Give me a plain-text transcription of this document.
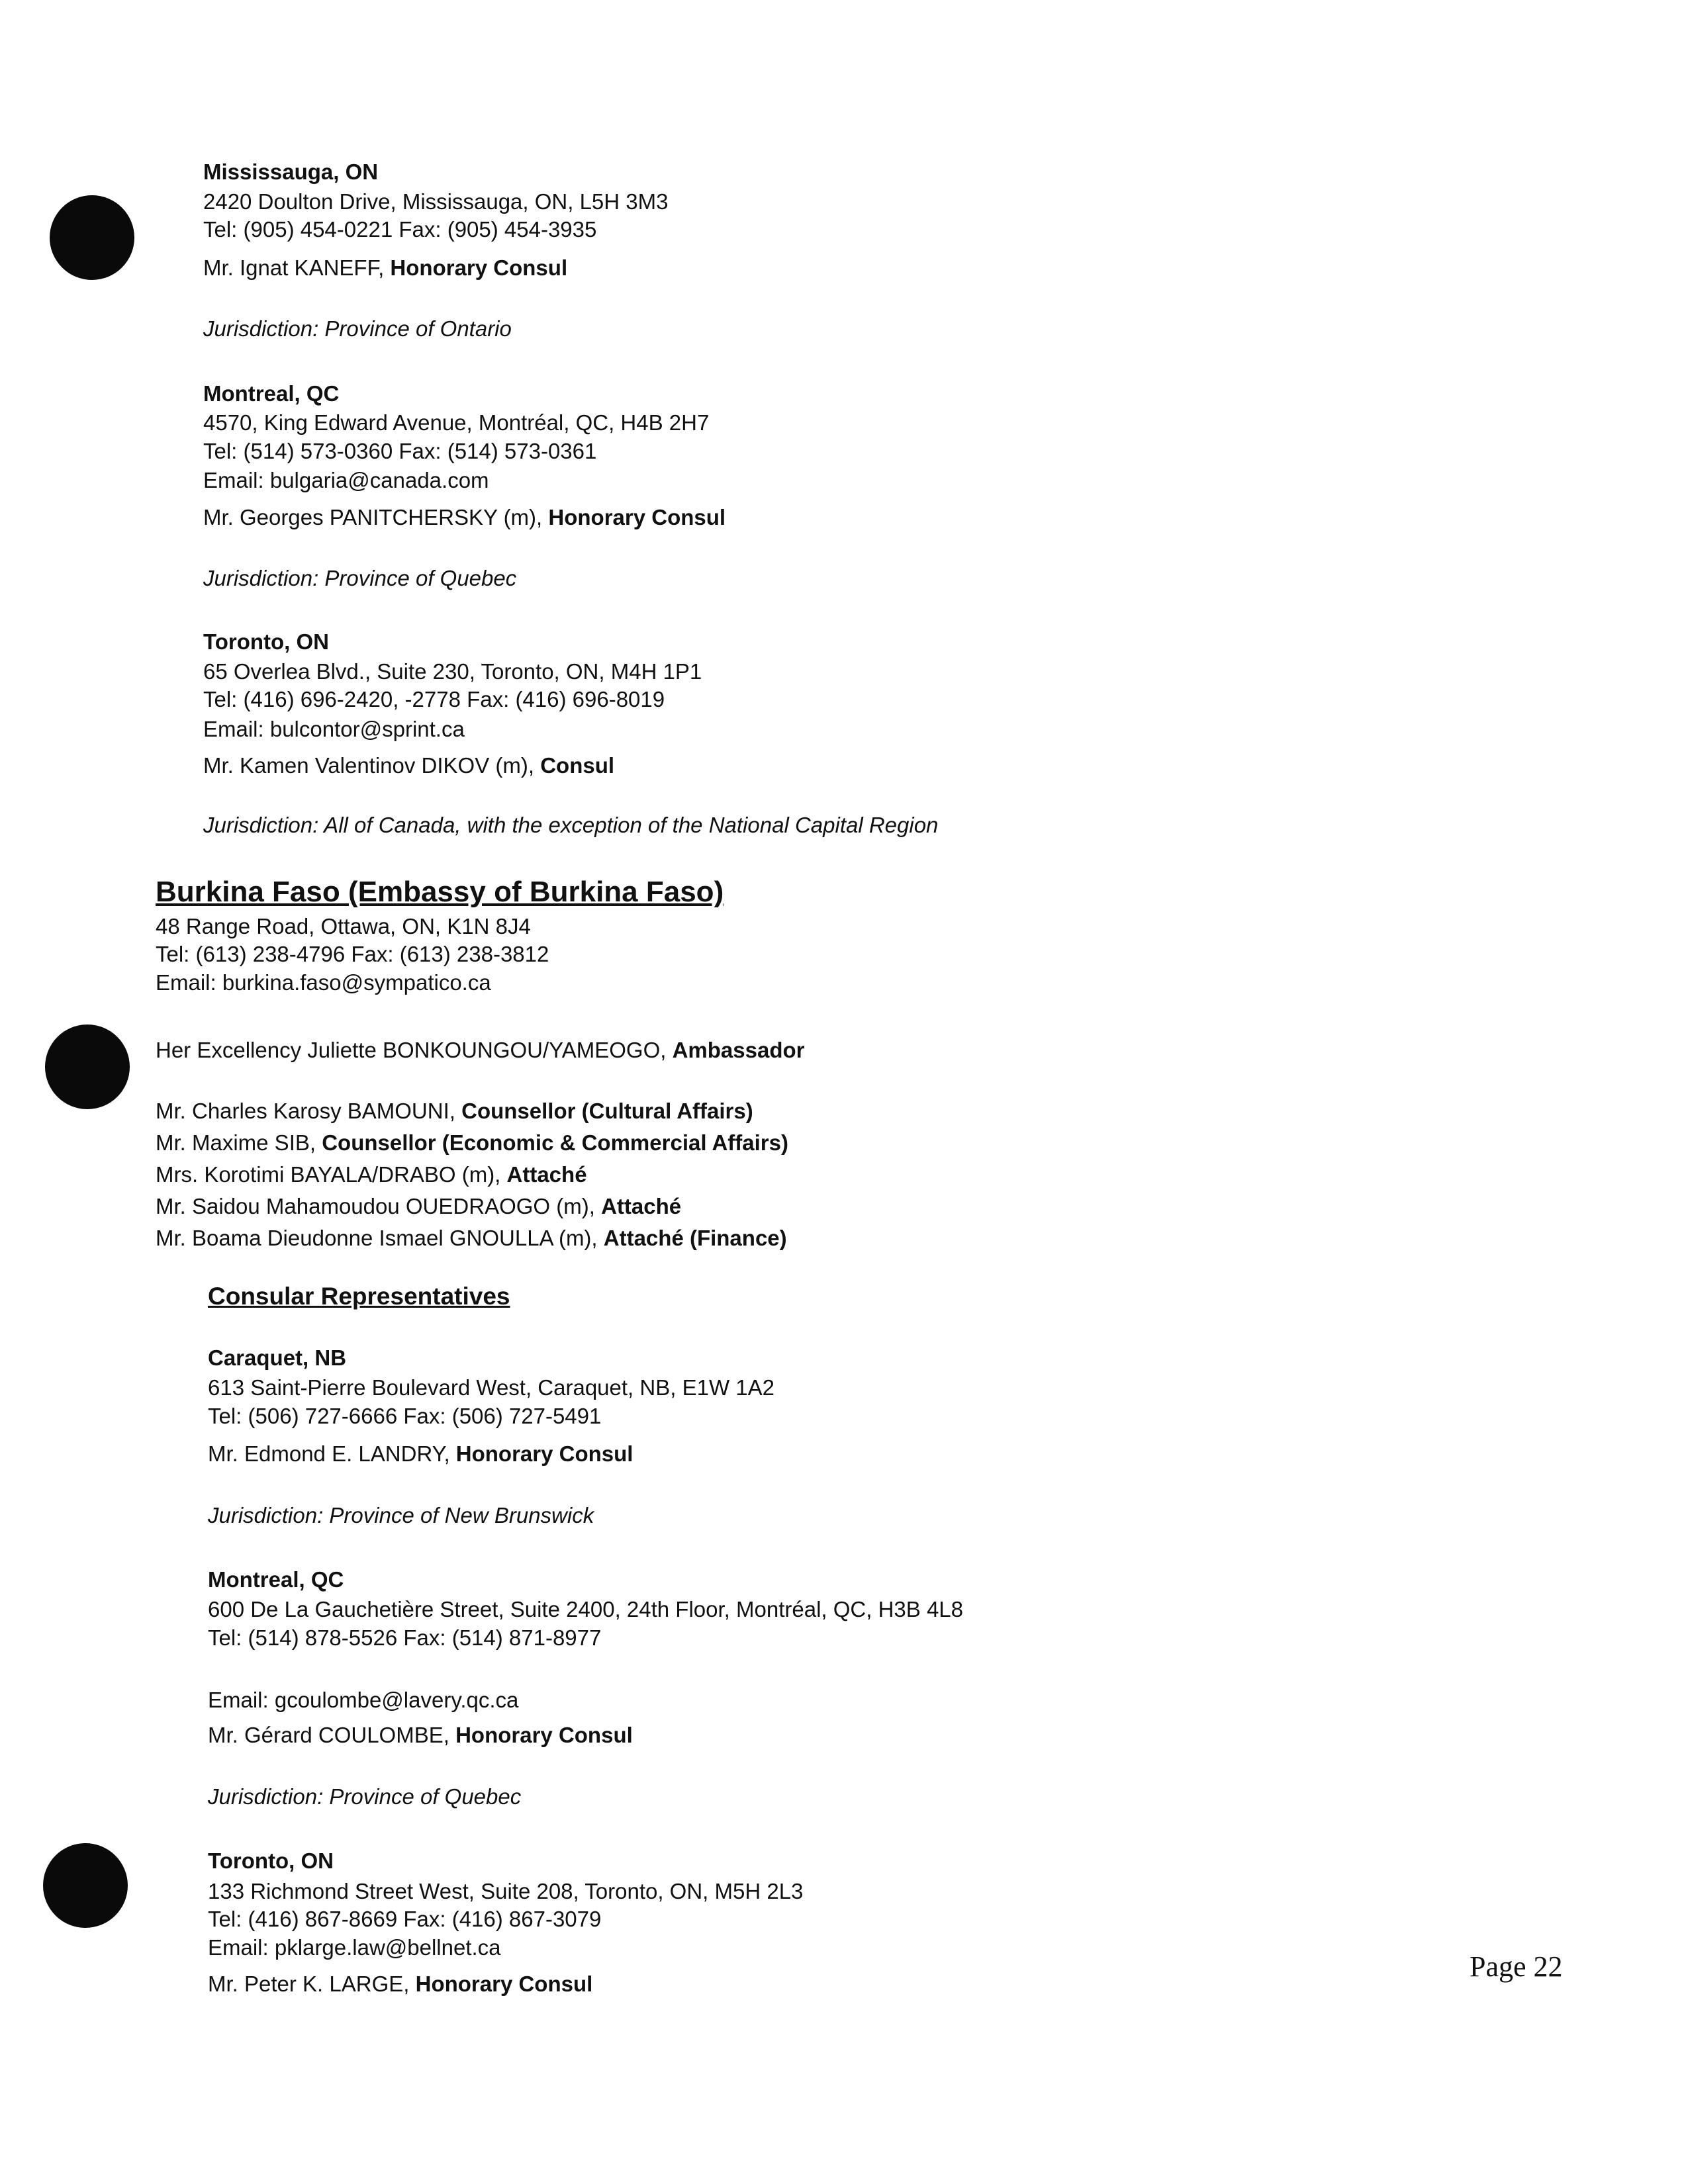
Mississauga, ON
2420 Doulton Drive, Mississauga, ON, L5H 3M3
Tel: (905) 454-0221 Fax: (905) 454-3935
Mr. Ignat KANEFF, Honorary Consul
Jurisdiction: Province of Ontario
Montreal, QC
4570, King Edward Avenue, Montréal, QC, H4B 2H7
Tel: (514) 573-0360 Fax: (514) 573-0361
Email: bulgaria@canada.com
Mr. Georges PANITCHERSKY (m), Honorary Consul
Jurisdiction: Province of Quebec
Toronto, ON
65 Overlea Blvd., Suite 230, Toronto, ON, M4H 1P1
Tel: (416) 696-2420, -2778 Fax: (416) 696-8019
Email: bulcontor@sprint.ca
Mr. Kamen Valentinov DIKOV (m), Consul
Jurisdiction: All of Canada, with the exception of the National Capital Region
Burkina Faso (Embassy of Burkina Faso)
48 Range Road, Ottawa, ON, K1N 8J4
Tel: (613) 238-4796 Fax: (613) 238-3812
Email: burkina.faso@sympatico.ca
Her Excellency Juliette BONKOUNGOU/YAMEOGO, Ambassador
Mr. Charles Karosy BAMOUNI, Counsellor (Cultural Affairs)
Mr. Maxime SIB, Counsellor (Economic & Commercial Affairs)
Mrs. Korotimi BAYALA/DRABO (m), Attaché
Mr. Saidou Mahamoudou OUEDRAOGO (m), Attaché
Mr. Boama Dieudonne Ismael GNOULLA (m), Attaché (Finance)
Consular Representatives
Caraquet, NB
613 Saint-Pierre Boulevard West, Caraquet, NB, E1W 1A2
Tel: (506) 727-6666 Fax: (506) 727-5491
Mr. Edmond E. LANDRY, Honorary Consul
Jurisdiction: Province of New Brunswick
Montreal, QC
600 De La Gauchetière Street, Suite 2400, 24th Floor, Montréal, QC, H3B 4L8
Tel: (514) 878-5526 Fax: (514) 871-8977
Email: gcoulombe@lavery.qc.ca
Mr. Gérard COULOMBE, Honorary Consul
Jurisdiction: Province of Quebec
Toronto, ON
133 Richmond Street West, Suite 208, Toronto, ON, M5H 2L3
Tel: (416) 867-8669 Fax: (416) 867-3079
Email: pklarge.law@bellnet.ca
Mr. Peter K. LARGE, Honorary Consul
Page 22
